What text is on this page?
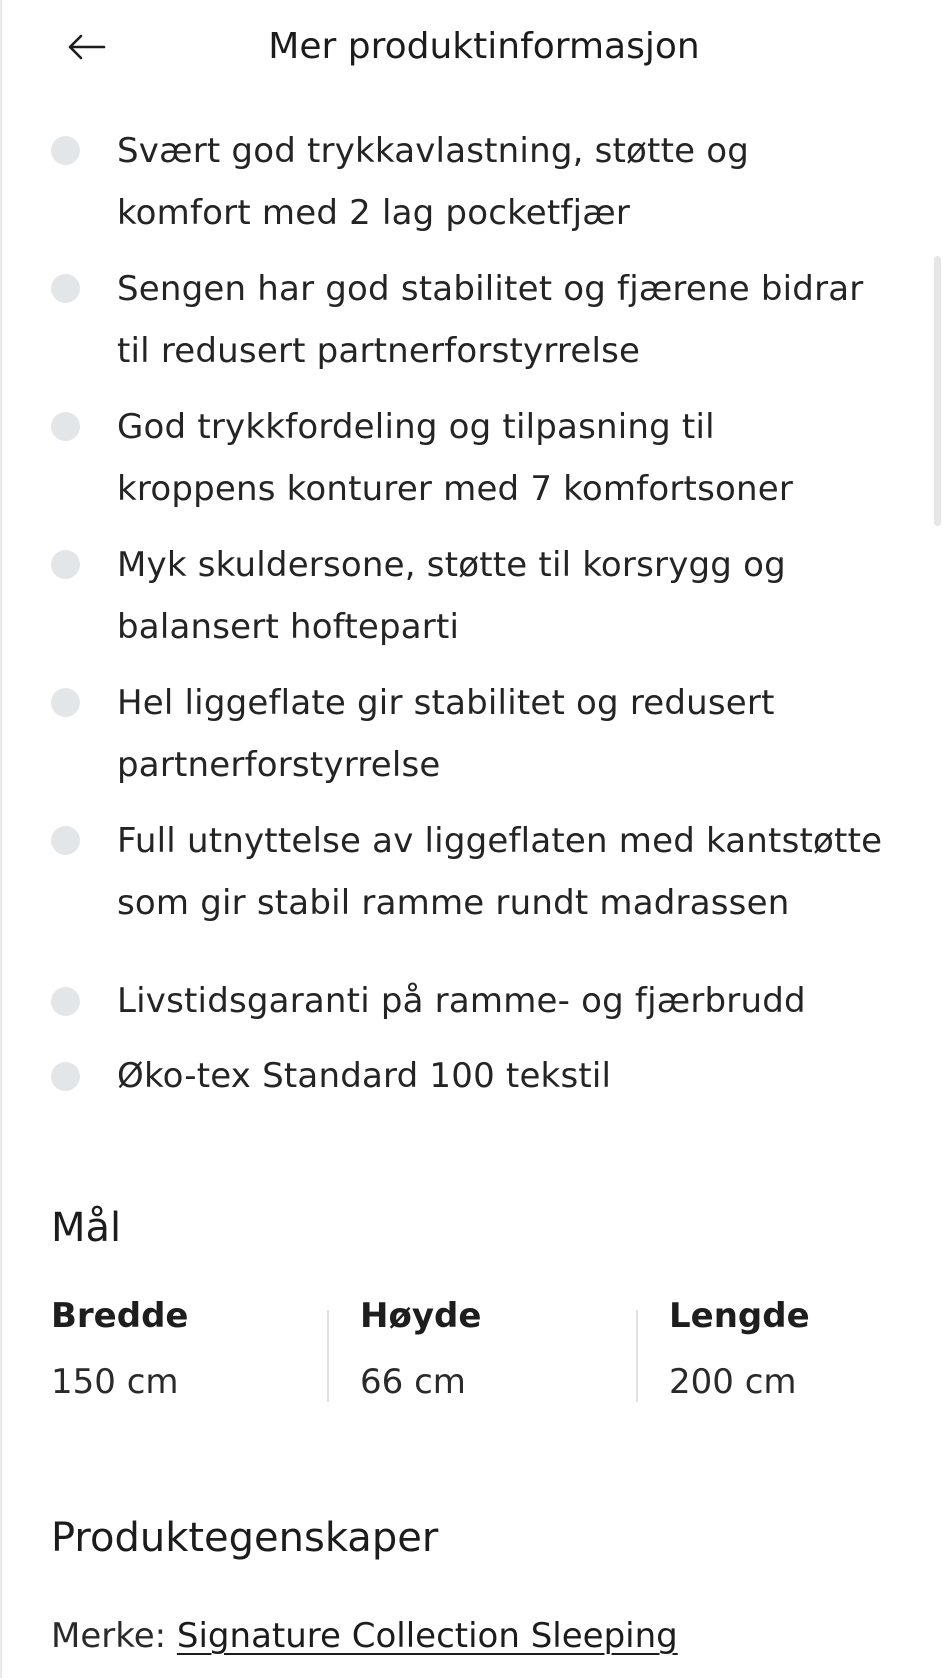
Mer produktinformasjon
Svært god trykkavlastning, støtte og
komfort med 2 lag pocketfjær
Sengen har god stabilitet og fjærene bidrar
til redusert partnerforstyrrelse
God trykkfordeling og tilpasning til
kroppens konturer med 7 komfortsoner
Myk skuldersone, støtte til korsrygg og
balansert hofteparti
Hel liggeflate gir stabilitet og redusert
partnerforstyrrelse
Full utnyttelse av liggeflaten med kantstøtte
som gir stabil ramme rundt madrassen
Livstidsgaranti på ramme- og fjærbrudd
Øko-tex Standard 100 tekstil
Mål
Bredde
150 cm
Høyde
66 cm
Lengde
200 cm
Produktegenskaper
Merke: Signature Collection Sleeping
